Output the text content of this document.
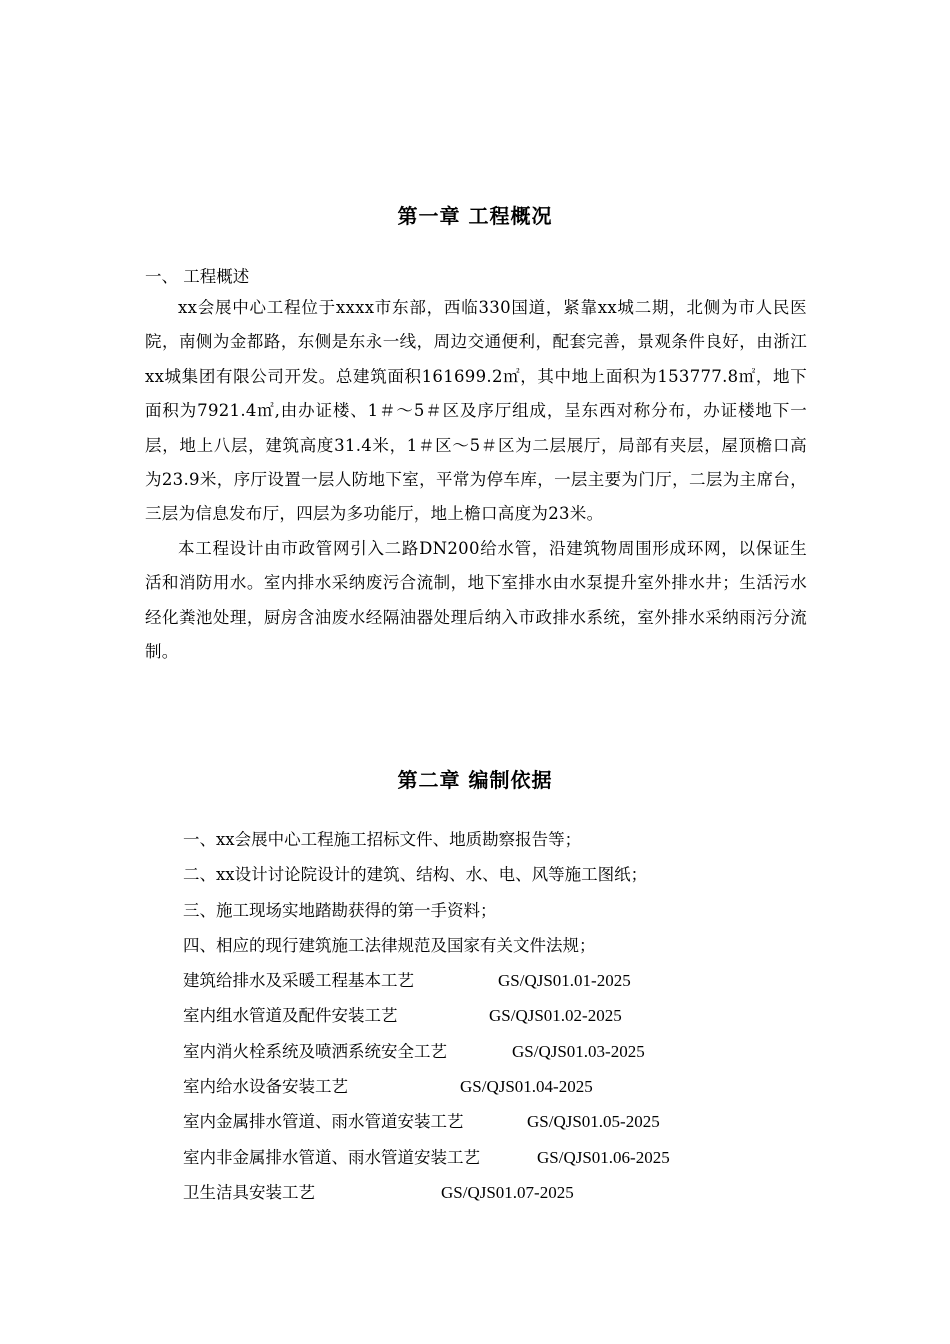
第一章 工程概况
一、 工程概述

xx会展中心工程位于xxxx市东部，西临330国道，紧靠xx城二期，北侧为市人民医院，南侧为金都路，东侧是东永一线，周边交通便利，配套完善，景观条件良好，由浙江xx城集团有限公司开发。总建筑面积161699.2㎡，其中地上面积为153777.8㎡，地下面积为7921.4㎡,由办证楼、1＃～5＃区及序厅组成，呈东西对称分布，办证楼地下一层，地上八层，建筑高度31.4米，1＃区～5＃区为二层展厅，局部有夹层，屋顶檐口高为23.9米，序厅设置一层人防地下室，平常为停车库，一层主要为门厅，二层为主席台，三层为信息发布厅，四层为多功能厅，地上檐口高度为23米。

本工程设计由市政管网引入二路DN200给水管，沿建筑物周围形成环网，以保证生活和消防用水。室内排水采纳废污合流制，地下室排水由水泵提升室外排水井；生活污水经化粪池处理，厨房含油废水经隔油器处理后纳入市政排水系统，室外排水采纳雨污分流制。

第二章 编制依据
一、xx会展中心工程施工招标文件、地质勘察报告等；
二、xx设计讨论院设计的建筑、结构、水、电、风等施工图纸；
三、施工现场实地踏勘获得的第一手资料；
四、相应的现行建筑施工法律规范及国家有关文件法规；
建筑给排水及采暖工程基本工艺	GS/QJS01.01-2025
室内组水管道及配件安装工艺	GS/QJS01.02-2025
室内消火栓系统及喷洒系统安全工艺	GS/QJS01.03-2025
室内给水设备安装工艺	GS/QJS01.04-2025
室内金属排水管道、雨水管道安装工艺	GS/QJS01.05-2025
室内非金属排水管道、雨水管道安装工艺	GS/QJS01.06-2025
卫生洁具安装工艺	GS/QJS01.07-2025
